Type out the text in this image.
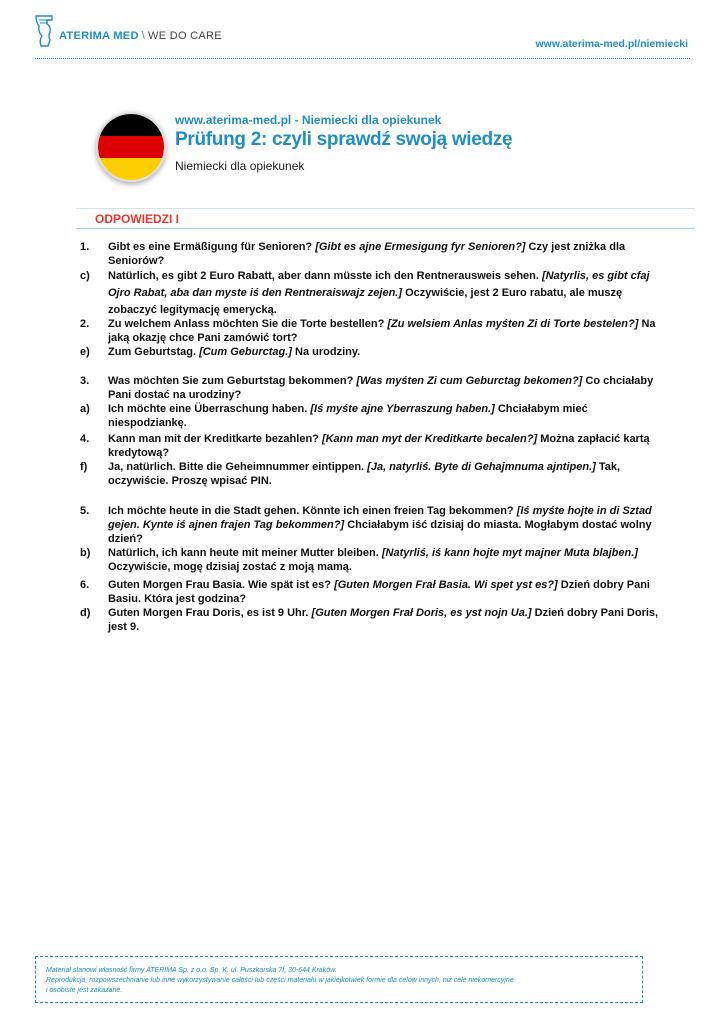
ATERIMA MED \ WE DO CARE
www.aterima-med.pl/niemiecki
www.aterima-med.pl - Niemiecki dla opiekunek
Prüfung 2: czyli sprawdź swoją wiedzę
Niemiecki dla opiekunek
ODPOWIEDZI I
1.	Gibt es eine Ermäßigung für Senioren? [Gibt es ajne Ermesigung fyr Senioren?] Czy jest zniżka dla Seniorów?
c)	Natürlich, es gibt 2 Euro Rabatt, aber dann müsste ich den Rentnerausweis sehen. [Natyrlis, es gibt cfaj Ojro Rabat, aba dan myste iś den Rentneraiswajz zejen.] Oczywiście, jest 2 Euro rabatu, ale muszę zobaczyć legitymację emerycką.
2.	Zu welchem Anlass möchten Sie die Torte bestellen? [Zu welsiem Anlas myśten Zi di Torte bestelen?] Na jaką okazję chce Pani zamówić tort?
e)	Zum Geburtstag. [Cum Geburctag.] Na urodziny.
3.	Was möchten Sie zum Geburtstag bekommen? [Was myśten Zi cum Geburctag bekomen?] Co chciałaby Pani dostać na urodziny?
a)	Ich möchte eine Überraschung haben. [Iś myśte ajne Yberraszung haben.] Chciałabym mieć niespodziankę.
4.	Kann man mit der Kreditkarte bezahlen? [Kann man myt der Kreditkarte becalen?] Można zapłacić kartą kredytową?
f)	Ja, natürlich. Bitte die Geheimnummer eintippen. [Ja, natyrliś. Byte di Gehajmnuma ajntipen.] Tak, oczywiście. Proszę wpisać PIN.
5.	Ich möchte heute in die Stadt gehen. Könnte ich einen freien Tag bekommen? [Iś myśte hojte in di Sztad gejen. Kynte iś ajnen frajen Tag bekommen?] Chciałabym iść dzisiaj do miasta. Mogłabym dostać wolny dzień?
b)	Natürlich, ich kann heute mit meiner Mutter bleiben. [Natyrliś, iś kann hojte myt majner Muta blajben.] Oczywiście, mogę dzisiaj zostać z moją mamą.
6.	Guten Morgen Frau Basia. Wie spät ist es? [Guten Morgen Frał Basia. Wi spet yst es?] Dzień dobry Pani Basiu. Która jest godzina?
d)	Guten Morgen Frau Doris, es ist 9 Uhr. [Guten Morgen Frał Doris, es yst nojn Ua.] Dzień dobry Pani Doris, jest 9.
Materiał stanowi własność firmy ATERIMA Sp. z o.o. Sp. K. ul. Puszkarska 7f, 30-644 Kraków.
Reprodukcja, rozpowszechnianie lub inne wykorzystywanie całości lub części materiału w jakiejkolwiek formie dla celów innych, niż cele niekomercyjne
i osobiste jest zakazane.
